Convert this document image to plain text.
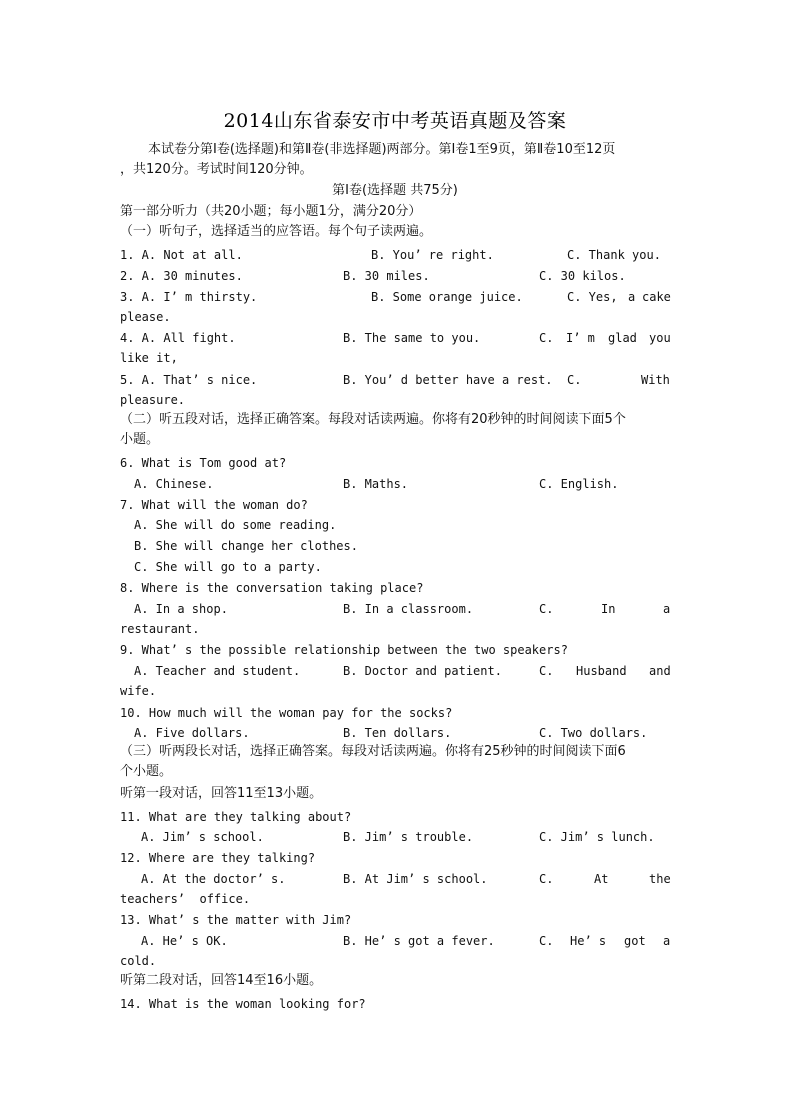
2014山东省泰安市中考英语真题及答案
本试卷分第Ⅰ卷(选择题)和第Ⅱ卷(非选择题)两部分。第Ⅰ卷1至9页，第Ⅱ卷10至12页
，共120分。考试时间120分钟。
第Ⅰ卷(选择题 共75分)
第一部分听力（共20小题；每小题1分，满分20分）
（一）听句子，选择适当的应答语。每个句子读两遍。
1. A. Not at all.	B. You’ re right.	C. Thank you.
2. A. 30 minutes.	B. 30 miles.	C. 30 kilos.
3. A. I’ m thirsty.	B. Some orange juice.	C. Yes, a cake
please.
4. A. All fight.	B. The same to you.	C. I’ m glad you
like it,
5. A. That’ s nice.	B. You’ d better have a rest. C.	With
pleasure.
（二）听五段对话，选择正确答案。每段对话读两遍。你将有20秒钟的时间阅读下面5个
小题。
6. What is Tom good at?
A. Chinese.	B. Maths.	C. English.
7. What will the woman do?
A. She will do some reading.
B. She will change her clothes.
C. She will go to a party.
8. Where is the conversation taking place?
A. In a shop.	B. In a classroom.	C.	In	a
restaurant.
9. What’ s the possible relationship between the two speakers?
A. Teacher and student.	B. Doctor and patient.	C. Husband and
wife.
10. How much will the woman pay for the socks?
A. Five dollars.	B. Ten dollars.	C. Two dollars.
（三）听两段长对话，选择正确答案。每段对话读两遍。你将有25秒钟的时间阅读下面6
个小题。
听第一段对话，回答11至13小题。
11. What are they talking about?
A. Jim’ s school.	B. Jim’ s trouble.	C. Jim’ s lunch.
12. Where are they talking?
A. At the doctor’ s.	B. At Jim’ s school.	C.	At	the
teachers’  office.
13. What’ s the matter with Jim?
A. He’ s OK.	B. He’ s got a fever.	C. He’ s got a
cold.
听第二段对话，回答14至16小题。
14. What is the woman looking for?
